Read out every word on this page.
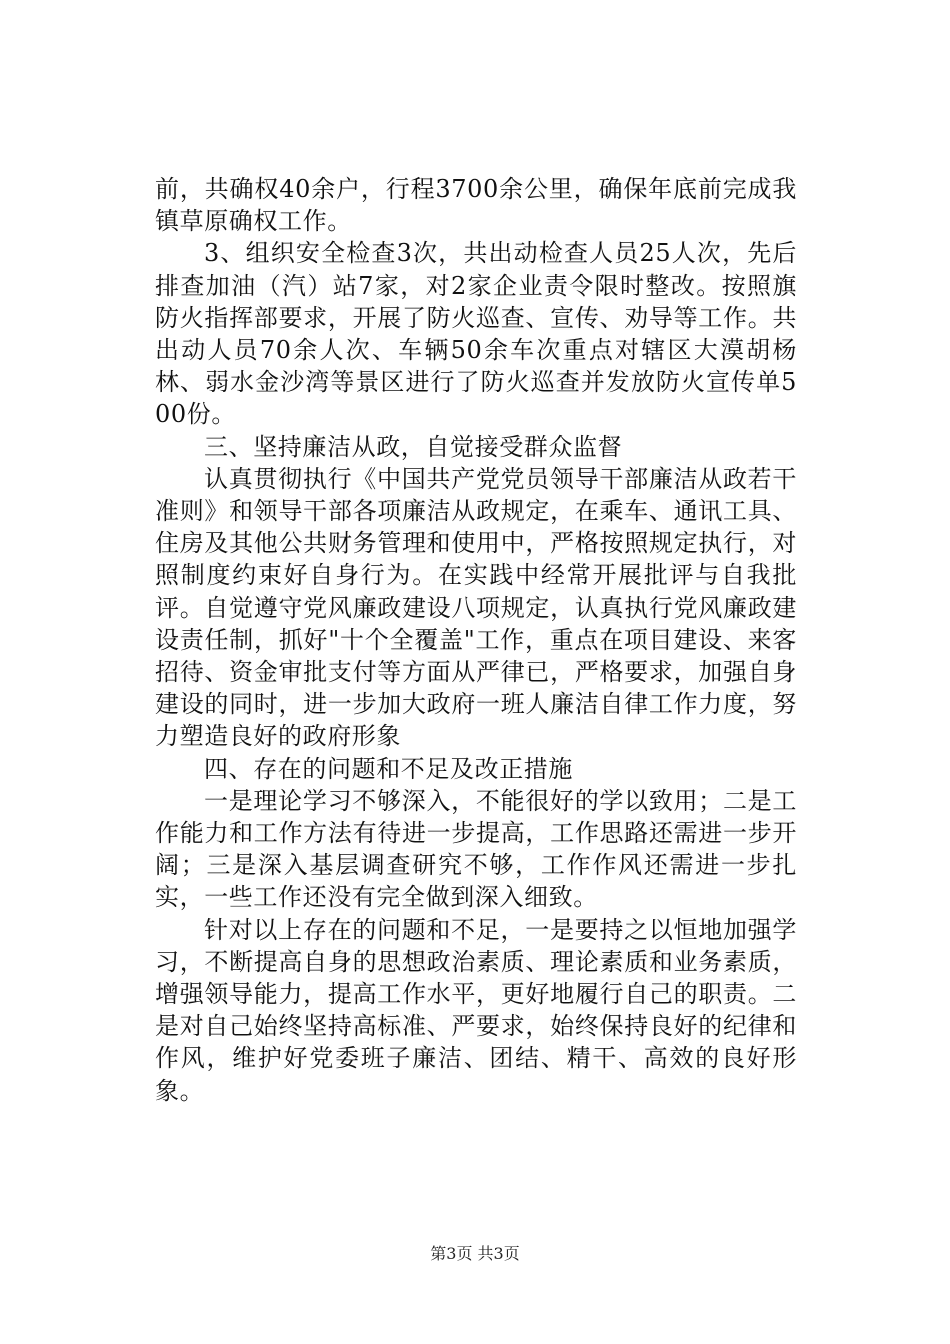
前，共确权40余户，行程3700余公里，确保年底前完成我镇草原确权工作。

3、组织安全检查3次，共出动检查人员25人次，先后排查加油（汽）站7家，对2家企业责令限时整改。按照旗防火指挥部要求，开展了防火巡查、宣传、劝导等工作。共出动人员70余人次、车辆50余车次重点对辖区大漠胡杨林、弱水金沙湾等景区进行了防火巡查并发放防火宣传单500份。

三、坚持廉洁从政，自觉接受群众监督

认真贯彻执行《中国共产党党员领导干部廉洁从政若干准则》和领导干部各项廉洁从政规定，在乘车、通讯工具、住房及其他公共财务管理和使用中，严格按照规定执行，对照制度约束好自身行为。在实践中经常开展批评与自我批评。自觉遵守党风廉政建设八项规定，认真执行党风廉政建设责任制，抓好"十个全覆盖"工作，重点在项目建设、来客招待、资金审批支付等方面从严律已，严格要求，加强自身建设的同时，进一步加大政府一班人廉洁自律工作力度，努力塑造良好的政府形象

四、存在的问题和不足及改正措施

一是理论学习不够深入，不能很好的学以致用；二是工作能力和工作方法有待进一步提高，工作思路还需进一步开阔；三是深入基层调查研究不够，工作作风还需进一步扎实，一些工作还没有完全做到深入细致。

针对以上存在的问题和不足，一是要持之以恒地加强学习，不断提高自身的思想政治素质、理论素质和业务素质，增强领导能力，提高工作水平，更好地履行自己的职责。二是对自己始终坚持高标准、严要求，始终保持良好的纪律和作风，维护好党委班子廉洁、团结、精干、高效的良好形象。

第3页 共3页
